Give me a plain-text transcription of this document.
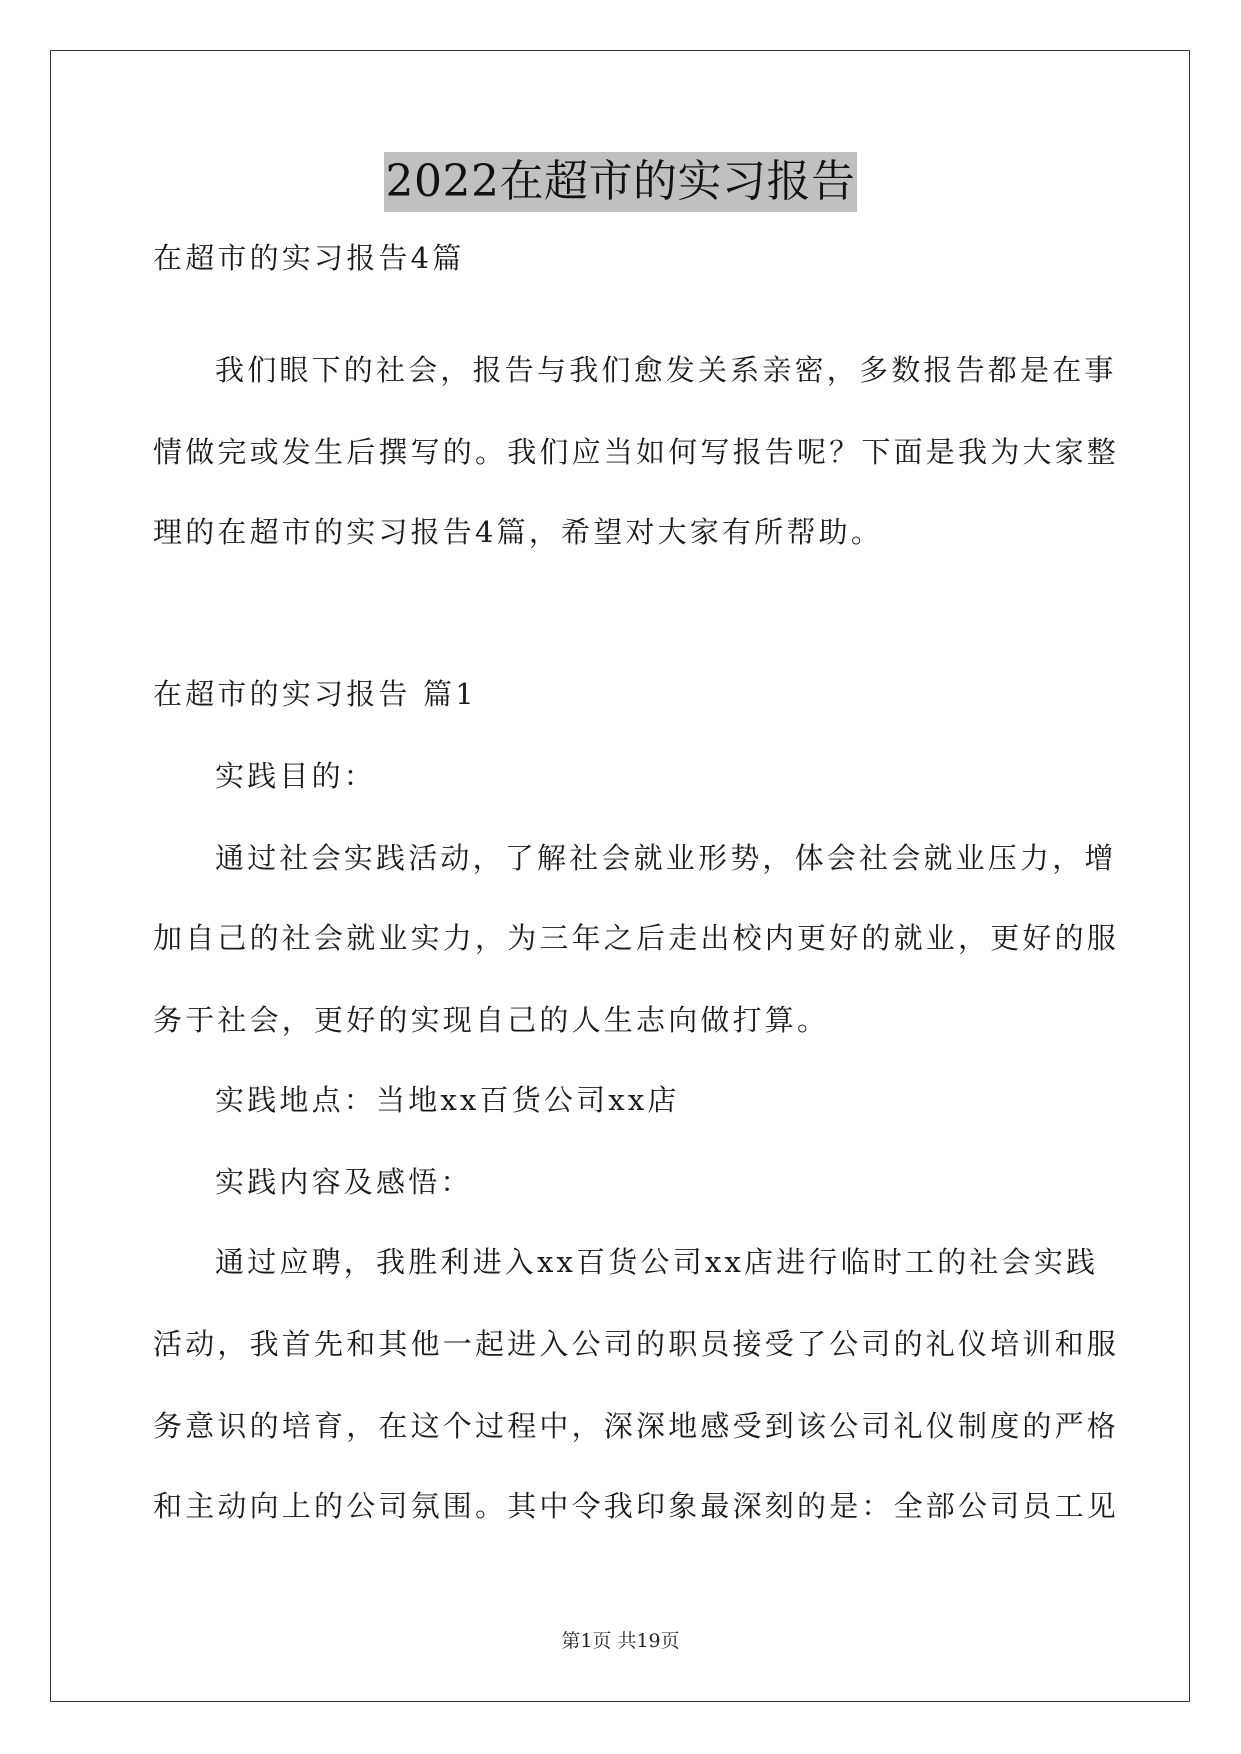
2022在超市的实习报告

在超市的实习报告4篇

我们眼下的社会，报告与我们愈发关系亲密，多数报告都是在事

情做完或发生后撰写的。我们应当如何写报告呢？下面是我为大家整

理的在超市的实习报告4篇，希望对大家有所帮助。

在超市的实习报告 篇1

实践目的：

通过社会实践活动，了解社会就业形势，体会社会就业压力，增

加自己的社会就业实力，为三年之后走出校内更好的就业，更好的服

务于社会，更好的实现自己的人生志向做打算。

实践地点：当地xx百货公司xx店

实践内容及感悟：

通过应聘，我胜利进入xx百货公司xx店进行临时工的社会实践

活动，我首先和其他一起进入公司的职员接受了公司的礼仪培训和服

务意识的培育，在这个过程中，深深地感受到该公司礼仪制度的严格

和主动向上的公司氛围。其中令我印象最深刻的是：全部公司员工见

第1页 共19页
